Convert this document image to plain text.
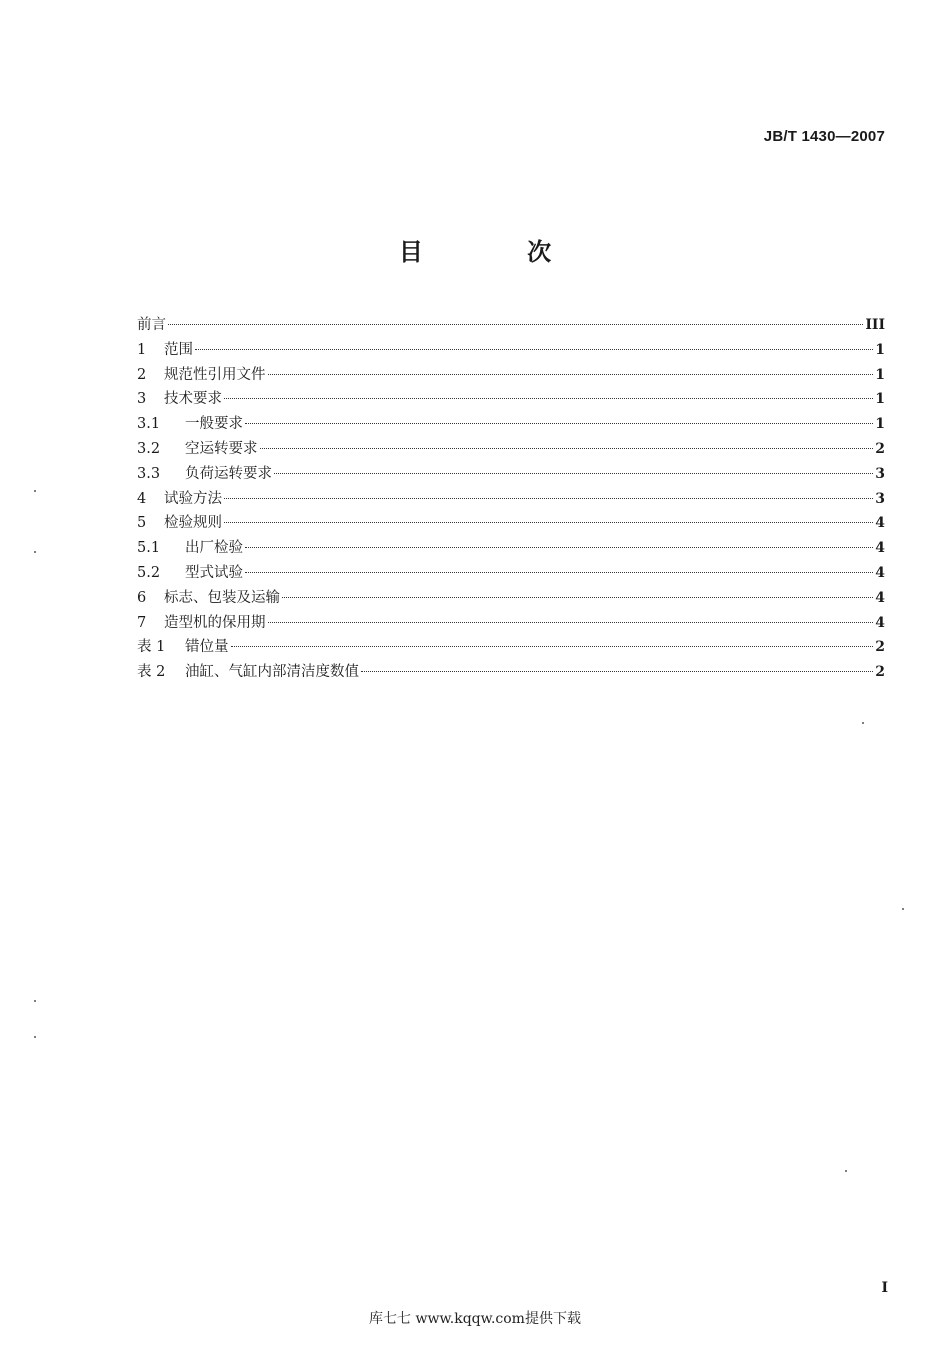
JB/T 1430—2007
目 次
前言	III
1	范围	1
2	规范性引用文件	1
3	技术要求	1
3.1	一般要求	1
3.2	空运转要求	2
3.3	负荷运转要求	3
4	试验方法	3
5	检验规则	4
5.1	出厂检验	4
5.2	型式试验	4
6	标志、包装及运输	4
7	造型机的保用期	4
表 1	错位量	2
表 2	油缸、气缸内部清洁度数值	2
I
库七七 www.kqqw.com提供下载
